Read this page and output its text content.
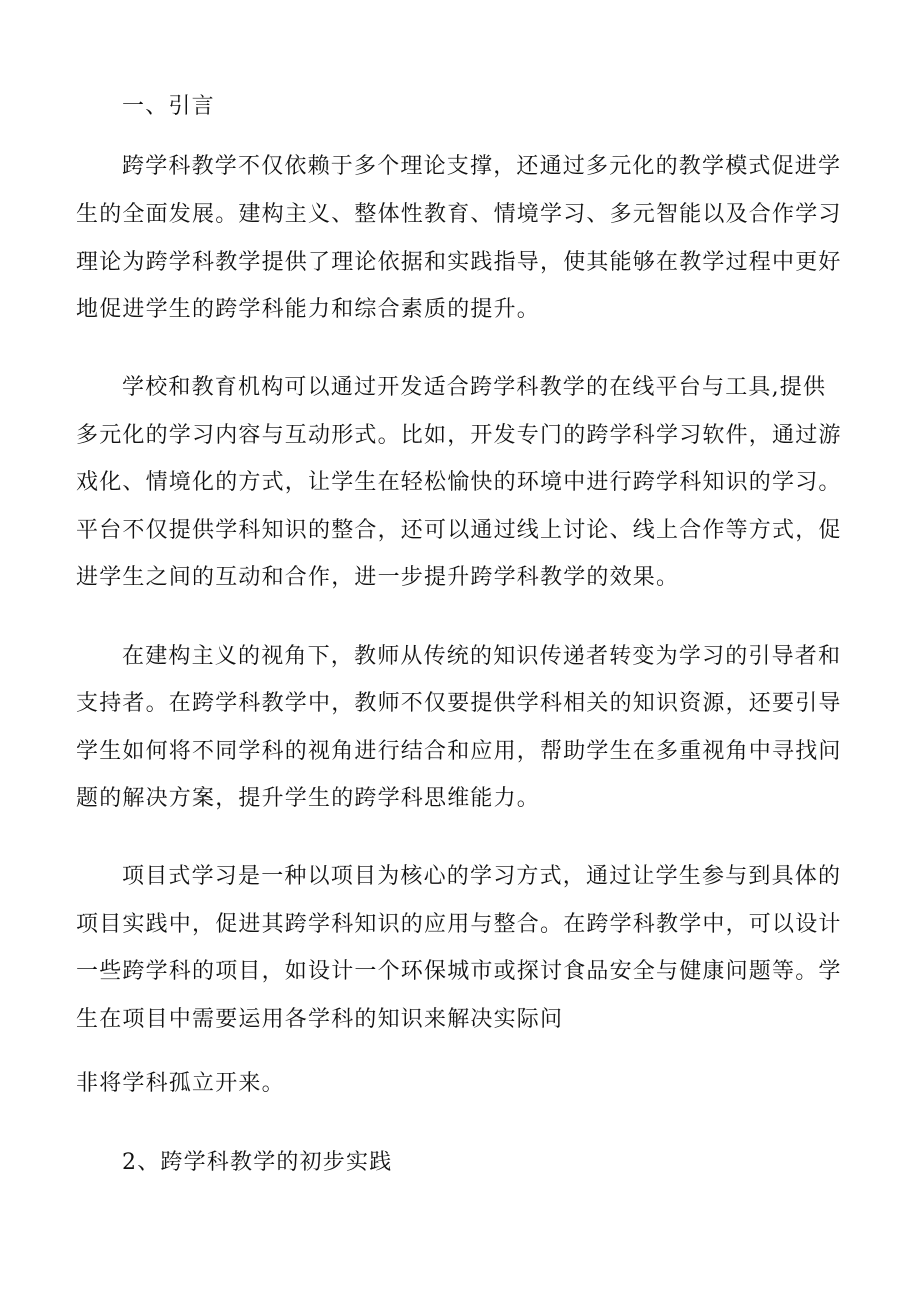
一、引言
跨学科教学不仅依赖于多个理论支撑，还通过多元化的教学模式促进学
生的全面发展。建构主义、整体性教育、情境学习、多元智能以及合作学习
理论为跨学科教学提供了理论依据和实践指导，使其能够在教学过程中更好
地促进学生的跨学科能力和综合素质的提升。
学校和教育机构可以通过开发适合跨学科教学的在线平台与工具,提供
多元化的学习内容与互动形式。比如，开发专门的跨学科学习软件，通过游
戏化、情境化的方式，让学生在轻松愉快的环境中进行跨学科知识的学习。
平台不仅提供学科知识的整合，还可以通过线上讨论、线上合作等方式，促
进学生之间的互动和合作，进一步提升跨学科教学的效果。
在建构主义的视角下，教师从传统的知识传递者转变为学习的引导者和
支持者。在跨学科教学中，教师不仅要提供学科相关的知识资源，还要引导
学生如何将不同学科的视角进行结合和应用，帮助学生在多重视角中寻找问
题的解决方案，提升学生的跨学科思维能力。
项目式学习是一种以项目为核心的学习方式，通过让学生参与到具体的
项目实践中，促进其跨学科知识的应用与整合。在跨学科教学中，可以设计
一些跨学科的项目，如设计一个环保城市或探讨食品安全与健康问题等。学
生在项目中需要运用各学科的知识来解决实际问
非将学科孤立开来。
2、跨学科教学的初步实践
